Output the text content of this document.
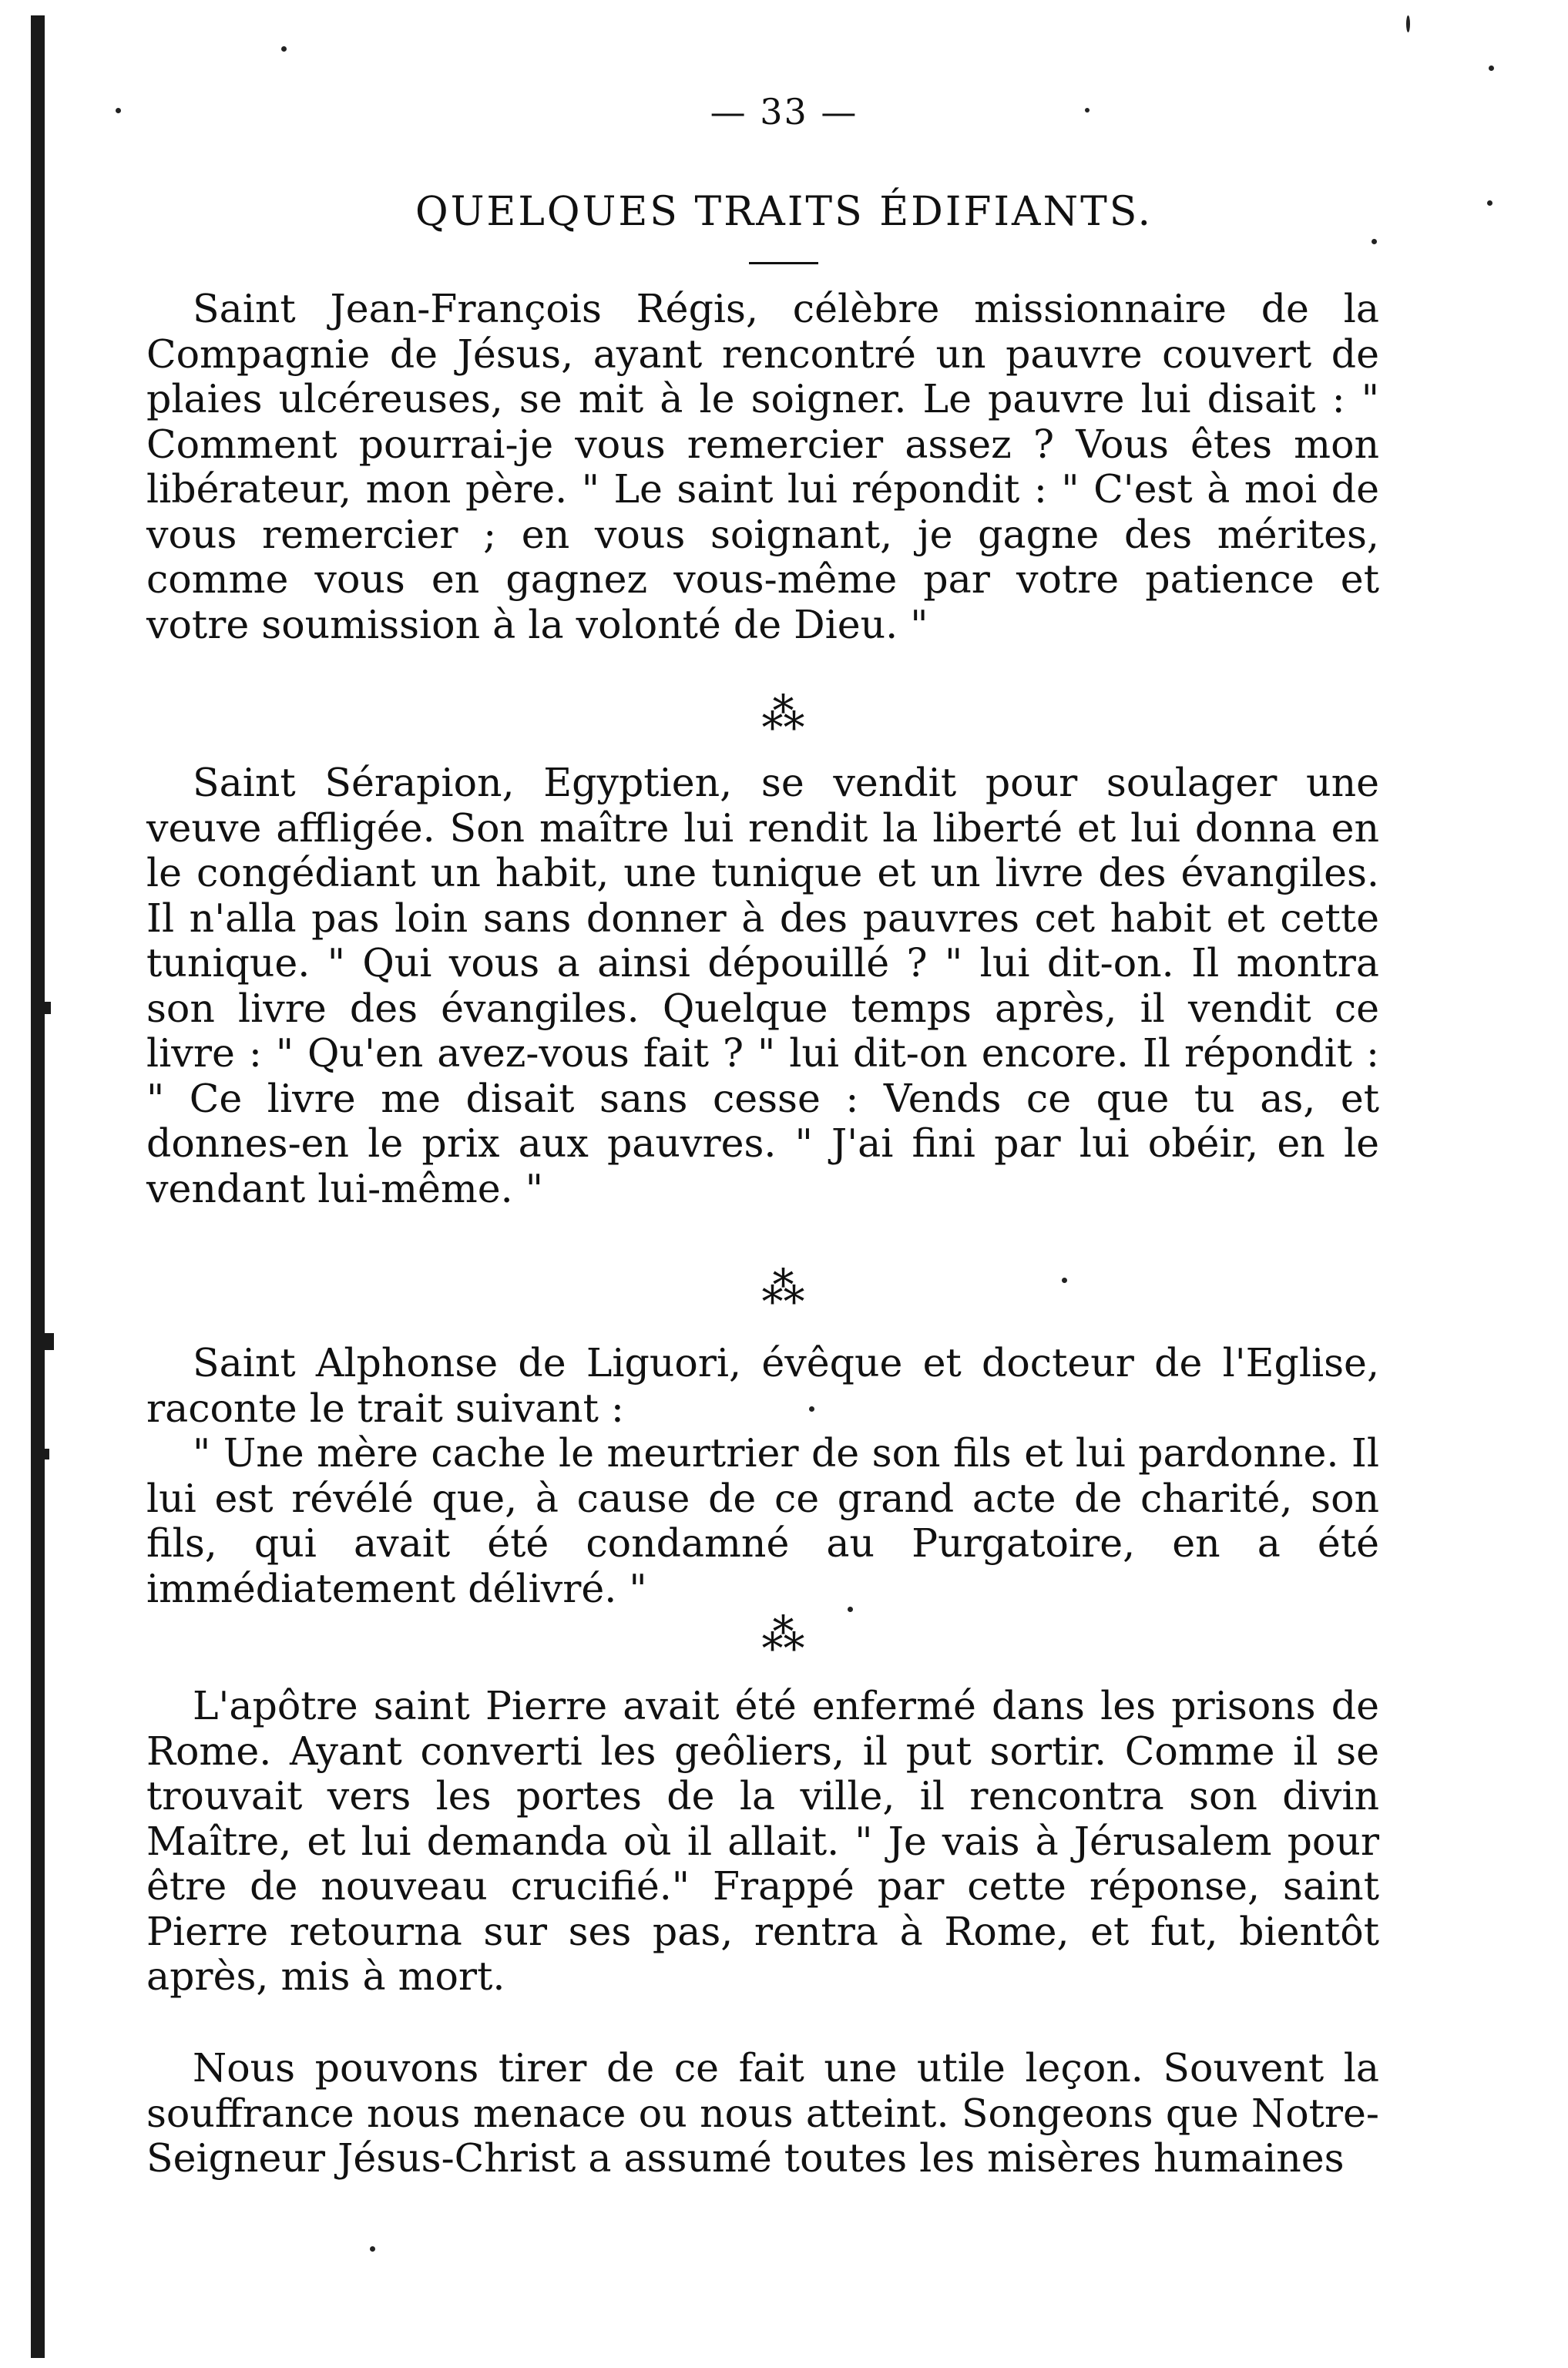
— 33 —
QUELQUES TRAITS ÉDIFIANTS.

Saint Jean-François Régis, célèbre missionnaire de la Compagnie de Jésus, ayant rencontré un pauvre couvert de plaies ulcéreuses, se mit à le soigner. Le pauvre lui disait : " Comment pourrai-je vous remercier assez ? Vous êtes mon libérateur, mon père. " Le saint lui répondit : " C'est à moi de vous remercier ; en vous soignant, je gagne des mérites, comme vous en gagnez vous-même par votre patience et votre soumission à la volonté de Dieu. "

⁂

Saint Sérapion, Egyptien, se vendit pour soulager une veuve affligée. Son maître lui rendit la liberté et lui donna en le congédiant un habit, une tunique et un livre des évangiles. Il n'alla pas loin sans donner à des pauvres cet habit et cette tunique. " Qui vous a ainsi dépouillé ? " lui dit-on. Il montra son livre des évangiles. Quelque temps après, il vendit ce livre : " Qu'en avez-vous fait ? " lui dit-on encore. Il répondit : " Ce livre me disait sans cesse : Vends ce que tu as, et donnes-en le prix aux pauvres. " J'ai fini par lui obéir, en le vendant lui-même. "

⁂

Saint Alphonse de Liguori, évêque et docteur de l'Eglise, raconte le trait suivant :

" Une mère cache le meurtrier de son fils et lui pardonne. Il lui est révélé que, à cause de ce grand acte de charité, son fils, qui avait été condamné au Purgatoire, en a été immédiatement délivré. "

⁂

L'apôtre saint Pierre avait été enfermé dans les prisons de Rome. Ayant converti les geôliers, il put sortir. Comme il se trouvait vers les portes de la ville, il rencontra son divin Maître, et lui demanda où il allait. " Je vais à Jérusalem pour être de nouveau crucifié." Frappé par cette réponse, saint Pierre retourna sur ses pas, rentra à Rome, et fut, bientôt après, mis à mort.

Nous pouvons tirer de ce fait une utile leçon. Souvent la souffrance nous menace ou nous atteint. Songeons que Notre-Seigneur Jésus-Christ a assumé toutes les misères humaines
